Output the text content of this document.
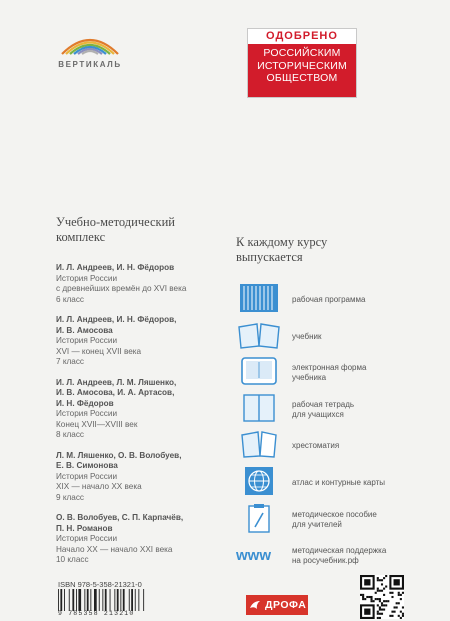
ВЕРТИКАЛЬ
ОДОБРЕНО
РОССИЙСКИМ
ИСТОРИЧЕСКИМ
ОБЩЕСТВОМ
Учебно-методический
комплекс
И. Л. Андреев, И. Н. Фёдоров
История России
с древнейших времён до XVI века
6 класс
И. Л. Андреев, И. Н. Фёдоров,
И. В. Амосова
История России
XVI — конец XVII века
7 класс
И. Л. Андреев, Л. М. Ляшенко,
И. В. Амосова, И. А. Артасов,
И. Н. Фёдоров
История России
Конец XVII—XVIII век
8 класс
Л. М. Ляшенко, О. В. Волобуев,
Е. В. Симонова
История России
XIX — начало XX века
9 класс
О. В. Волобуев, С. П. Карпачёв,
П. Н. Романов
История России
Начало XX — начало XXI века
10 класс
К каждому курсу
выпускается
рабочая программа
учебник
электронная форма
учебника
рабочая тетрадь
для учащихся
хрестоматия
атлас и контурные карты
методическое пособие
для учителей
www	методическая поддержка
на росучебник.рф
ISBN 978-5-358-21321-0
9 785358 213210
ДРОФА
